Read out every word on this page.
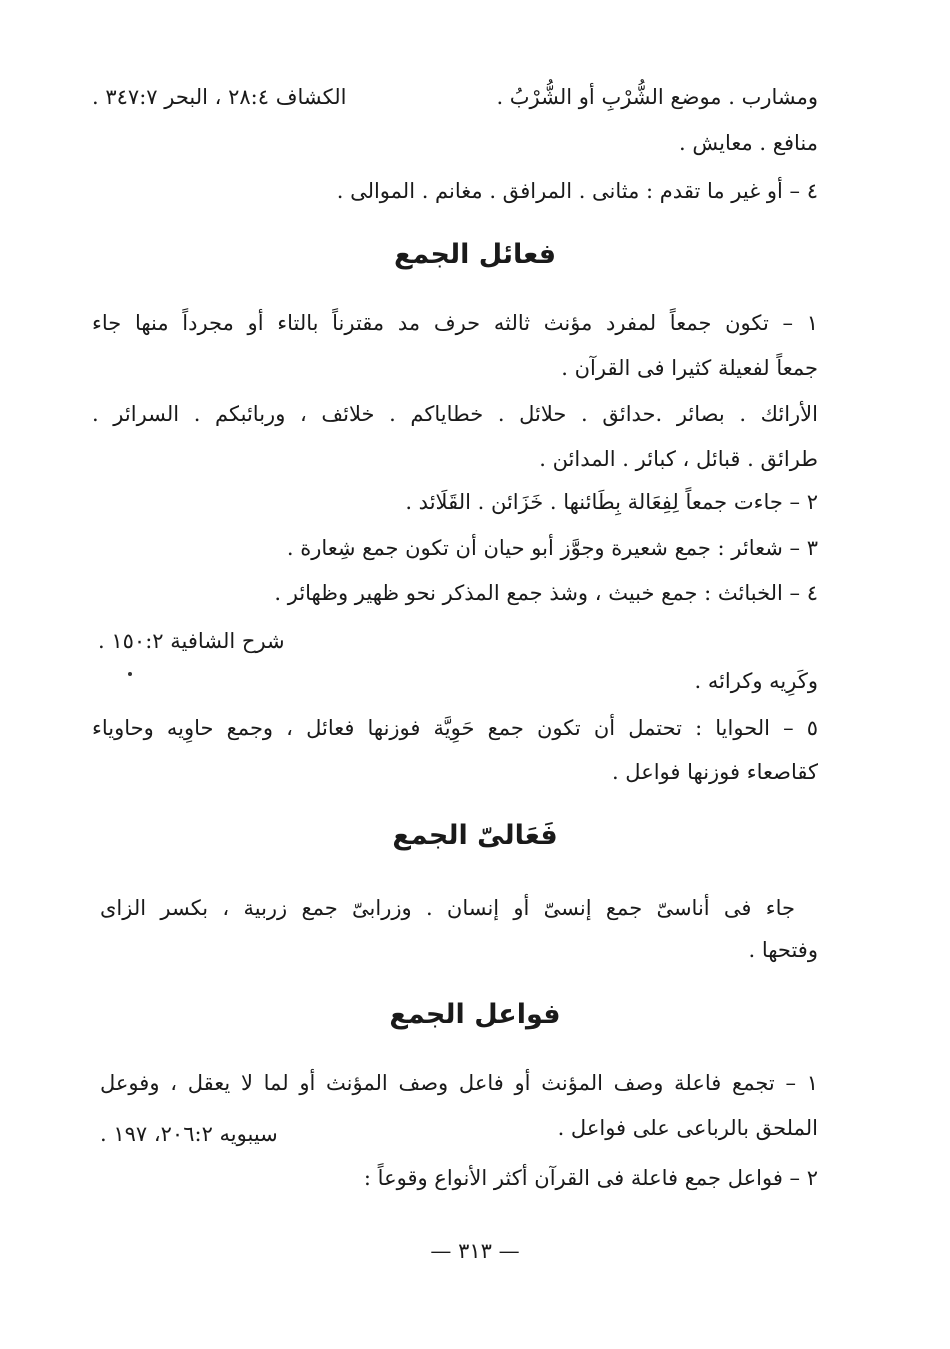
ومشارب . موضع الشُّرْبِ أو الشُّرْبُ .
الكشاف ٢٨:٤ ، البحر ٣٤٧:٧ .
منافع . معايش .
٤ – أو غير ما تقدم : مثانى . المرافق . مغانم . الموالى .
فعائل الجمع
١ – تكون جمعاً لمفرد مؤنث ثالثه حرف مد مقترناً بالتاء أو مجرداً منها جاء
جمعاً لفعيلة كثيرا فى القرآن .
الأرائك . بصائر .حدائق . حلائل . خطاياكم . خلائف ، وربائبكم . السرائر .
طرائق . قبائل ، كبائر . المدائن .
٢ – جاءت جمعاً لِفِعَالة بِطَائنها . خَزَائن . القَلَائد .
٣ – شعائر : جمع شعيرة وجوَّز أبو حيان أن تكون جمع شِعارة .
٤ – الخبائث : جمع خبيث ، وشذ جمع المذكر نحو ظهير وظهائر .
شرح الشافية ١٥٠:٢ .
وكَرِيه وكرائه .
٥ – الحوايا : تحتمل أن تكون جمع حَوِيَّة فوزنها فعائل ، وجمع حاوِيه وحاوياء
كقاصعاء فوزنها فواعل .
فَعَالىّ الجمع
جاء فى أناسىّ جمع إنسىّ أو إنسان . وزرابىّ جمع زربية ، بكسر الزاى
وفتحها .
فواعل الجمع
١ – تجمع فاعلة وصف المؤنث أو فاعل وصف المؤنث أو لما لا يعقل ، وفوعل
الملحق بالرباعى على فواعل .
سيبويه ٢٠٦:٢، ١٩٧ .
٢ – فواعل جمع فاعلة فى القرآن أكثر الأنواع وقوعاً :
— ٣١٣ —
